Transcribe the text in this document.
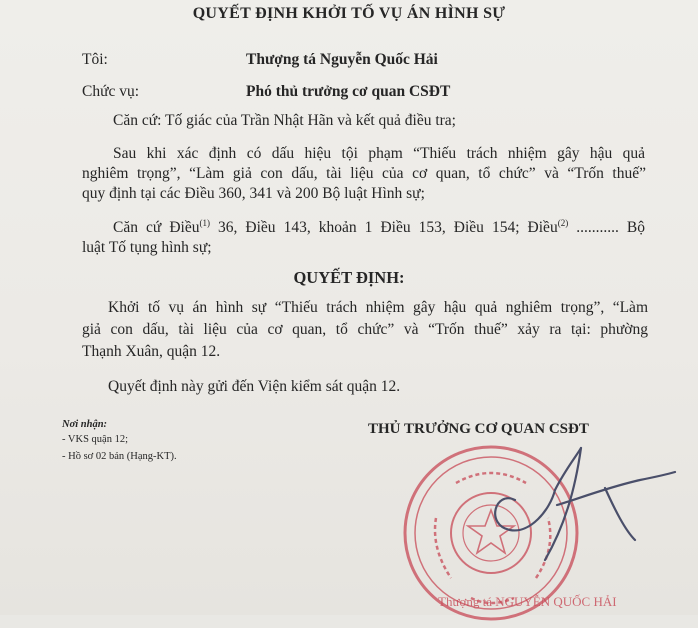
QUYẾT ĐỊNH KHỞI TỐ VỤ ÁN HÌNH SỰ
Tôi:	Thượng tá Nguyễn Quốc Hải
Chức vụ:	Phó thủ trưởng cơ quan CSĐT
Căn cứ: Tố giác của Trần Nhật Hãn và kết quả điều tra;
Sau khi xác định có dấu hiệu tội phạm “Thiếu trách nhiệm gây hậu quả
nghiêm trọng”, “Làm giả con dấu, tài liệu của cơ quan, tổ chức” và “Trốn thuế”
quy định tại các Điều 360, 341 và 200 Bộ luật Hình sự;
Căn cứ Điều$^{(1)}$ 36, Điều 143, khoản 1 Điều 153, Điều 154; Điều$^{(2)}$ ........... Bộ
luật Tố tụng hình sự;
QUYẾT ĐỊNH:
Khởi tố vụ án hình sự “Thiếu trách nhiệm gây hậu quả nghiêm trọng”, “Làm
giả con dấu, tài liệu của cơ quan, tổ chức” và “Trốn thuế” xảy ra tại: phường
Thạnh Xuân, quận 12.
Quyết định này gửi đến Viện kiểm sát quận 12.
Nơi nhận:
- VKS quận 12;
- Hồ sơ 02 bản (Hạng-KT).
THỦ TRƯỞNG CƠ QUAN CSĐT
Thượng tá NGUYỄN QUỐC HẢI
